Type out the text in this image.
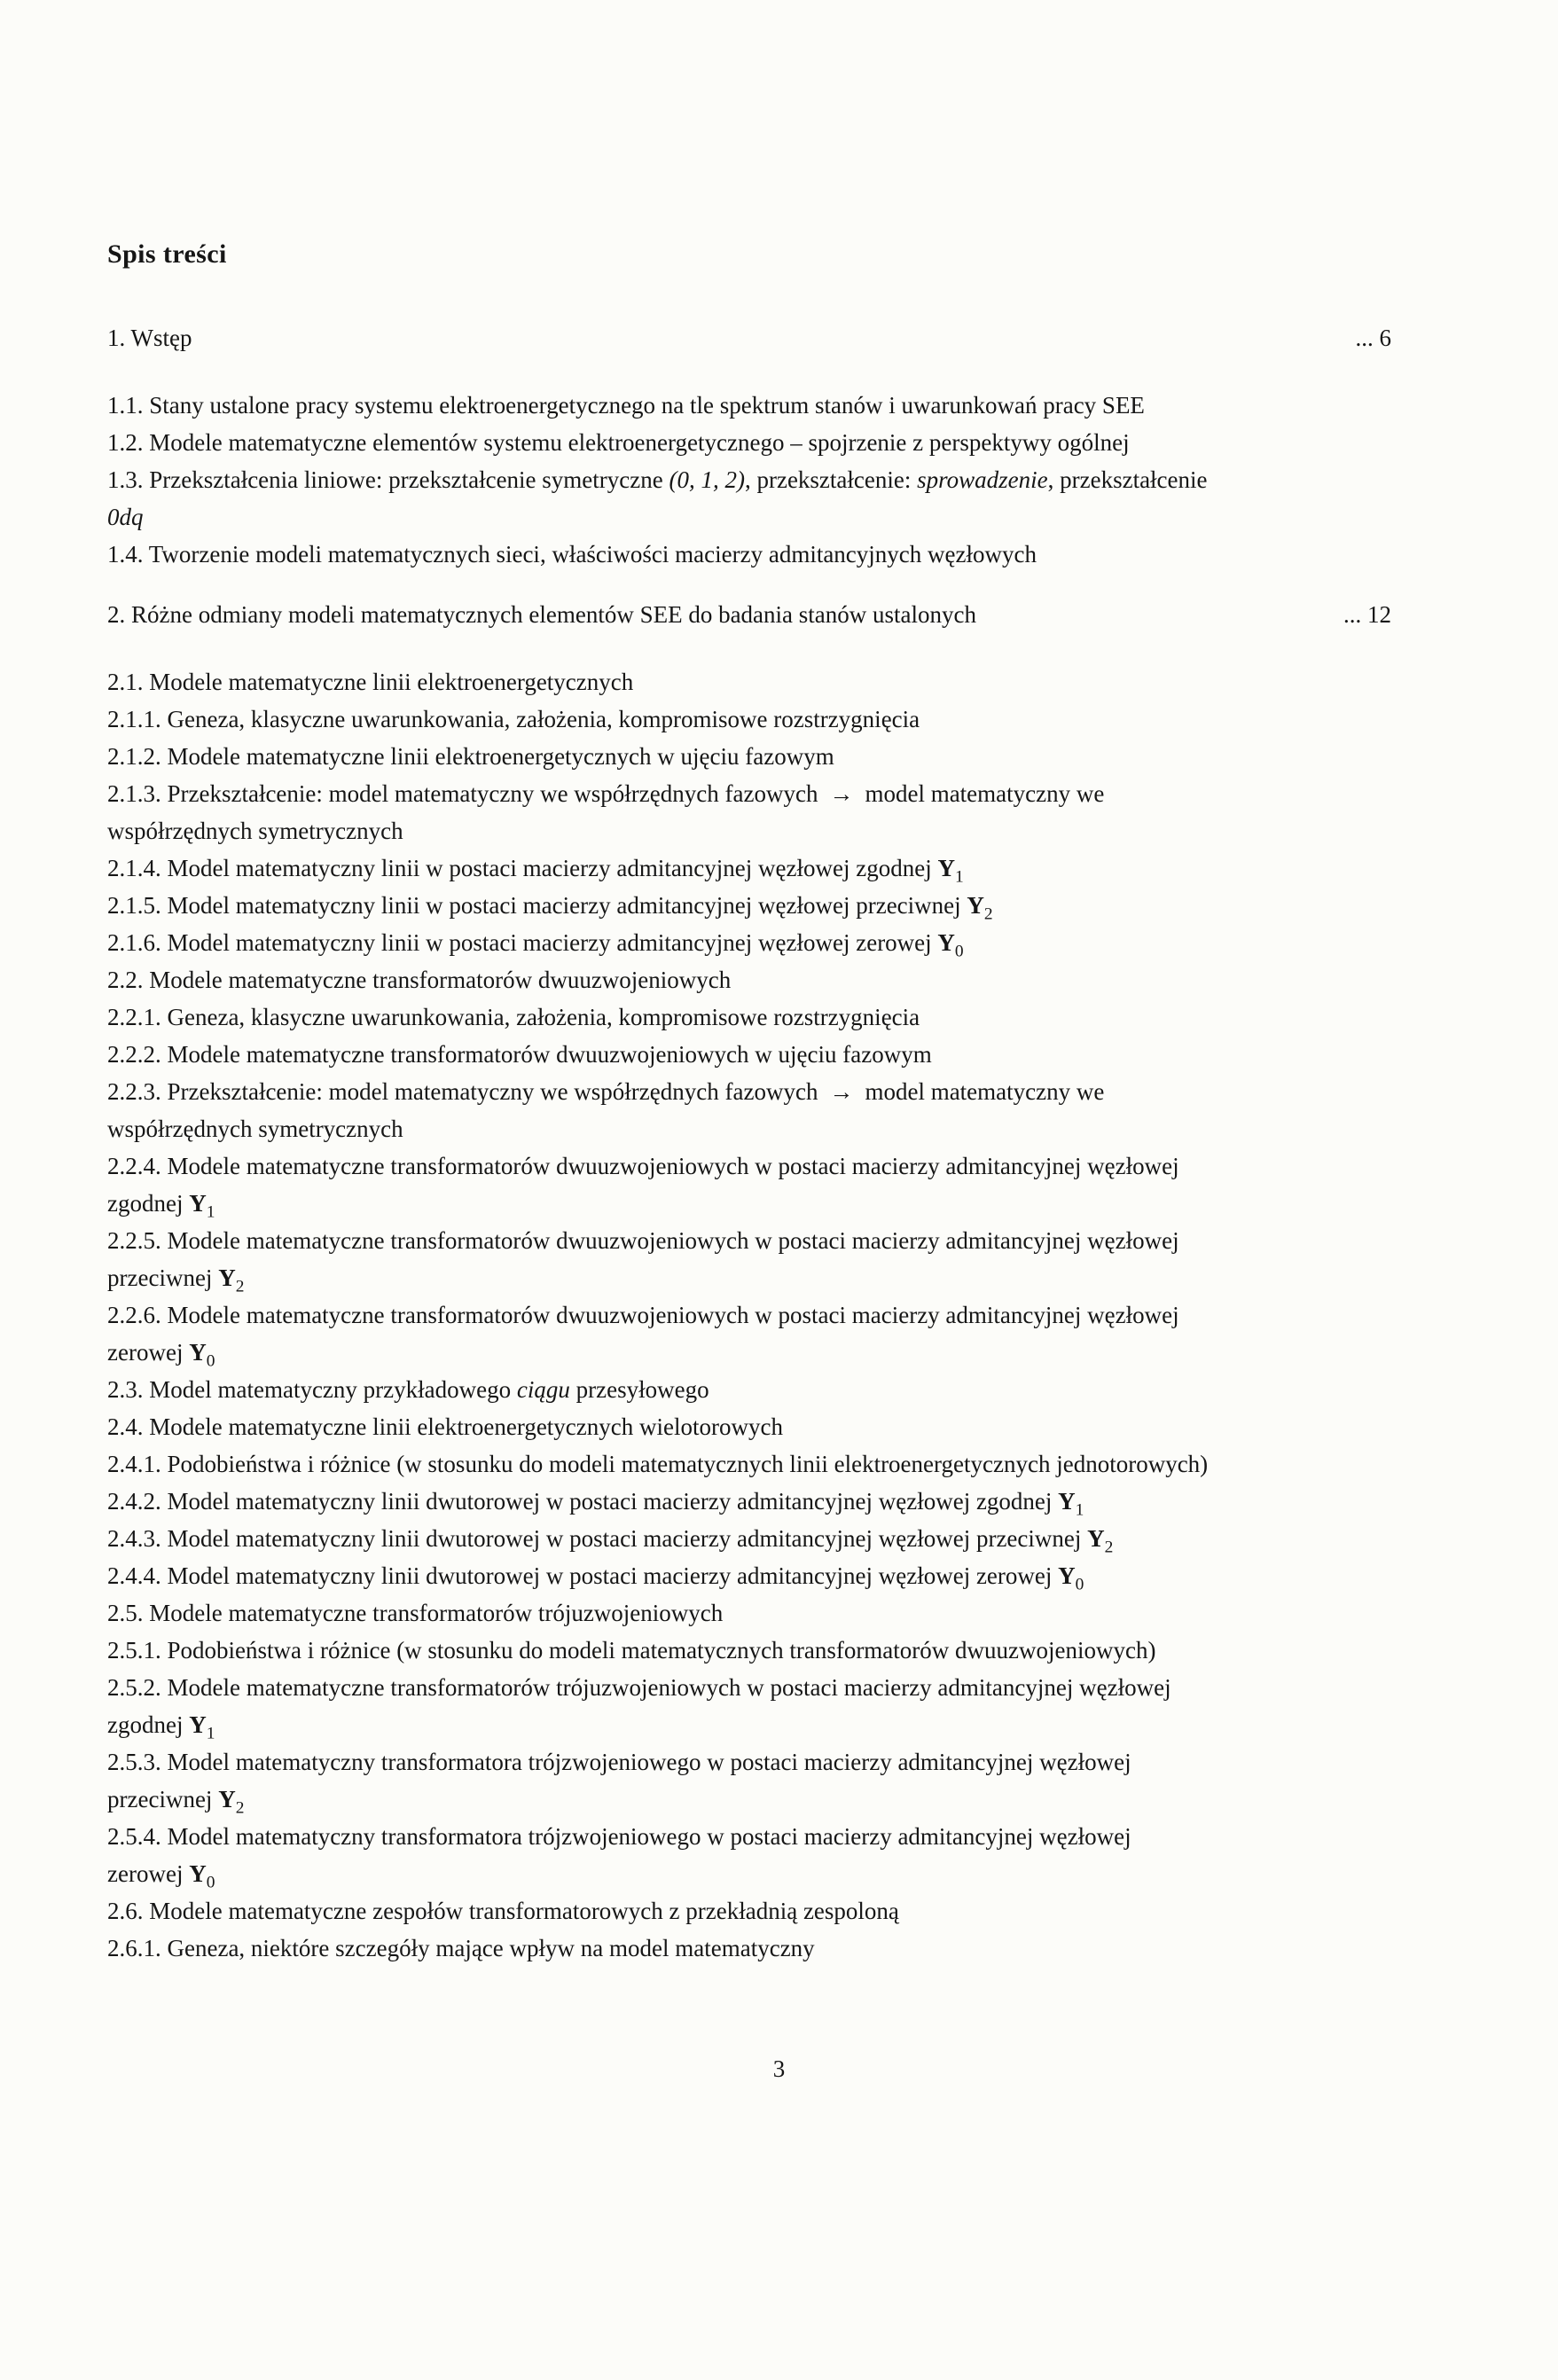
Spis treści
1. Wstęp	... 6
1.1. Stany ustalone pracy systemu elektroenergetycznego na tle spektrum stanów i uwarunkowań pracy SEE
1.2. Modele matematyczne elementów systemu elektroenergetycznego – spojrzenie z perspektywy ogólnej
1.3. Przekształcenia liniowe: przekształcenie symetryczne (0, 1, 2), przekształcenie: sprowadzenie, przekształcenie
0dq
1.4. Tworzenie modeli matematycznych sieci, właściwości macierzy admitancyjnych węzłowych
2. Różne odmiany modeli matematycznych elementów SEE do badania stanów ustalonych	... 12
2.1. Modele matematyczne linii elektroenergetycznych
2.1.1. Geneza, klasyczne uwarunkowania, założenia, kompromisowe rozstrzygnięcia
2.1.2. Modele matematyczne linii elektroenergetycznych w ujęciu fazowym
2.1.3. Przekształcenie: model matematyczny we współrzędnych fazowych → model matematyczny we
współrzędnych symetrycznych
2.1.4. Model matematyczny linii w postaci macierzy admitancyjnej węzłowej zgodnej $Y_1$
2.1.5. Model matematyczny linii w postaci macierzy admitancyjnej węzłowej przeciwnej $Y_2$
2.1.6. Model matematyczny linii w postaci macierzy admitancyjnej węzłowej zerowej $Y_0$
2.2. Modele matematyczne transformatorów dwuuzwojeniowych
2.2.1. Geneza, klasyczne uwarunkowania, założenia, kompromisowe rozstrzygnięcia
2.2.2. Modele matematyczne transformatorów dwuuzwojeniowych w ujęciu fazowym
2.2.3. Przekształcenie: model matematyczny we współrzędnych fazowych → model matematyczny we
współrzędnych symetrycznych
2.2.4. Modele matematyczne transformatorów dwuuzwojeniowych w postaci macierzy admitancyjnej węzłowej
zgodnej $Y_1$
2.2.5. Modele matematyczne transformatorów dwuuzwojeniowych w postaci macierzy admitancyjnej węzłowej
przeciwnej $Y_2$
2.2.6. Modele matematyczne transformatorów dwuuzwojeniowych w postaci macierzy admitancyjnej węzłowej
zerowej $Y_0$
2.3. Model matematyczny przykładowego ciągu przesyłowego
2.4. Modele matematyczne linii elektroenergetycznych wielotorowych
2.4.1. Podobieństwa i różnice (w stosunku do modeli matematycznych linii elektroenergetycznych jednotorowych)
2.4.2. Model matematyczny linii dwutorowej w postaci macierzy admitancyjnej węzłowej zgodnej $Y_1$
2.4.3. Model matematyczny linii dwutorowej w postaci macierzy admitancyjnej węzłowej przeciwnej $Y_2$
2.4.4. Model matematyczny linii dwutorowej w postaci macierzy admitancyjnej węzłowej zerowej $Y_0$
2.5. Modele matematyczne transformatorów trójuzwojeniowych
2.5.1. Podobieństwa i różnice (w stosunku do modeli matematycznych transformatorów dwuuzwojeniowych)
2.5.2. Modele matematyczne transformatorów trójuzwojeniowych w postaci macierzy admitancyjnej węzłowej
zgodnej $Y_1$
2.5.3. Model matematyczny transformatora trójzwojeniowego w postaci macierzy admitancyjnej węzłowej
przeciwnej $Y_2$
2.5.4. Model matematyczny transformatora trójzwojeniowego w postaci macierzy admitancyjnej węzłowej
zerowej $Y_0$
2.6. Modele matematyczne zespołów transformatorowych z przekładnią zespoloną
2.6.1. Geneza, niektóre szczegóły mające wpływ na model matematyczny
3
